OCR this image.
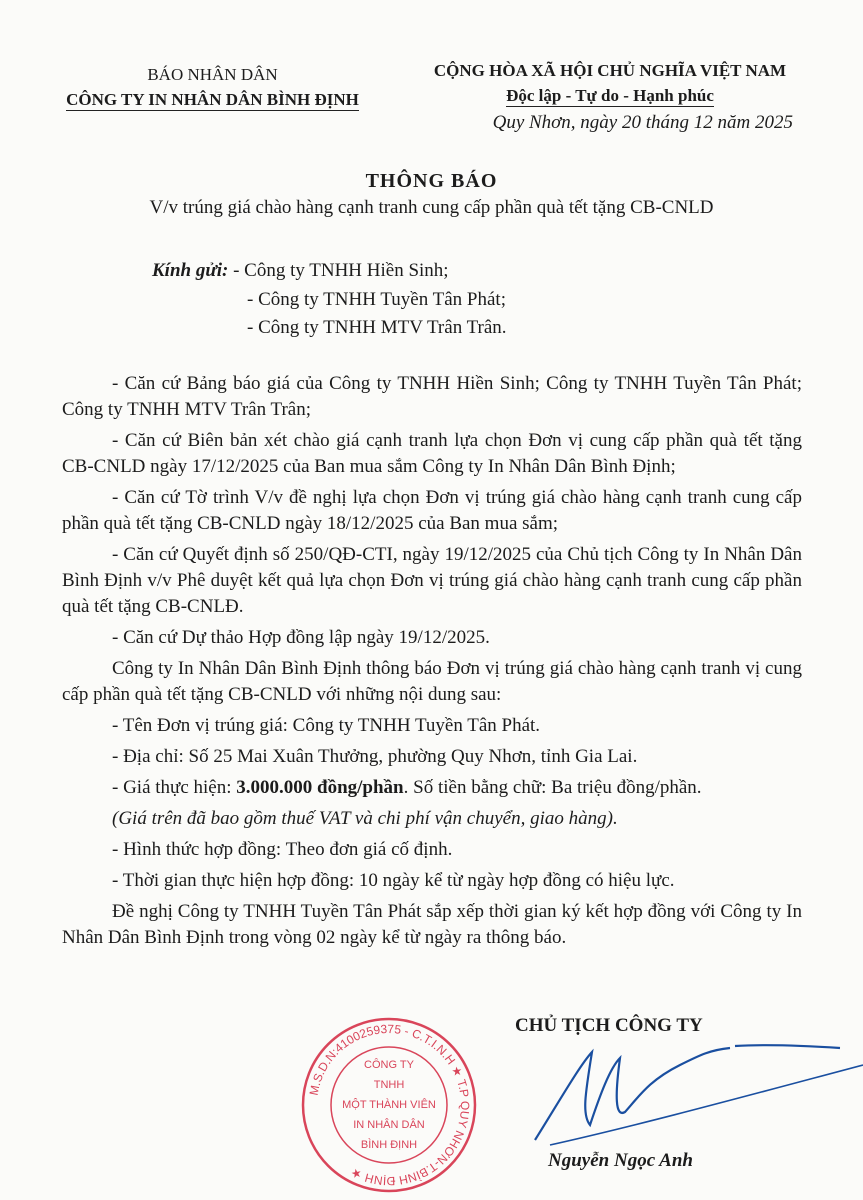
BÁO NHÂN DÂN
CÔNG TY IN NHÂN DÂN BÌNH ĐỊNH
CỘNG HÒA XÃ HỘI CHỦ NGHĨA VIỆT NAM
Độc lập - Tự do - Hạnh phúc
Quy Nhơn, ngày 20 tháng 12 năm 2025
THÔNG BÁO
V/v trúng giá chào hàng cạnh tranh cung cấp phần quà tết tặng CB-CNLD
Kính gửi: - Công ty TNHH Hiền Sinh;
- Công ty TNHH Tuyền Tân Phát;
- Công ty TNHH MTV Trân Trân.

- Căn cứ Bảng báo giá của Công ty TNHH Hiền Sinh; Công ty TNHH Tuyền Tân Phát; Công ty TNHH MTV Trân Trân;

- Căn cứ Biên bản xét chào giá cạnh tranh lựa chọn Đơn vị cung cấp phần quà tết tặng CB-CNLD ngày 17/12/2025 của Ban mua sắm Công ty In Nhân Dân Bình Định;

- Căn cứ Tờ trình V/v đề nghị lựa chọn Đơn vị trúng giá chào hàng cạnh tranh cung cấp phần quà tết tặng CB-CNLD ngày 18/12/2025 của Ban mua sắm;

- Căn cứ Quyết định số 250/QĐ-CTI, ngày 19/12/2025 của Chủ tịch Công ty In Nhân Dân Bình Định v/v Phê duyệt kết quả lựa chọn Đơn vị trúng giá chào hàng cạnh tranh cung cấp phần quà tết tặng CB-CNLĐ.

- Căn cứ Dự thảo Hợp đồng lập ngày 19/12/2025.

Công ty In Nhân Dân Bình Định thông báo Đơn vị trúng giá chào hàng cạnh tranh vị cung cấp phần quà tết tặng CB-CNLD với những nội dung sau:

- Tên Đơn vị trúng giá: Công ty TNHH Tuyền Tân Phát.

- Địa chỉ: Số 25 Mai Xuân Thưởng, phường Quy Nhơn, tỉnh Gia Lai.

- Giá thực hiện: 3.000.000 đồng/phần. Số tiền bằng chữ: Ba triệu đồng/phần.

(Giá trên đã bao gồm thuế VAT và chi phí vận chuyển, giao hàng).

- Hình thức hợp đồng: Theo đơn giá cố định.

- Thời gian thực hiện hợp đồng: 10 ngày kể từ ngày hợp đồng có hiệu lực.

Đề nghị Công ty TNHH Tuyền Tân Phát sắp xếp thời gian ký kết hợp đồng với Công ty In Nhân Dân Bình Định trong vòng 02 ngày kể từ ngày ra thông báo.

M.S.D.N:4100259375 - C.T.I.N.H ★ T.P QUY NHƠN-T.BÌNH ĐỊNH ★
CÔNG TY
TNHH
MỘT THÀNH VIÊN
IN NHÂN DÂN
BÌNH ĐỊNH
CHỦ TỊCH CÔNG TY
Nguyễn Ngọc Anh
